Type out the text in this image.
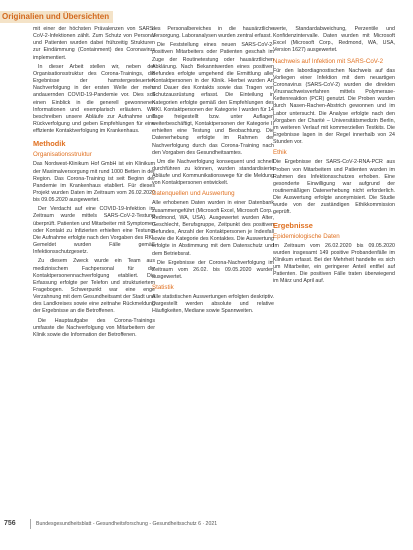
Originalien und Übersichten

mit einer der höchsten Prävalenzen von SARS-CoV-2-Infektionen zählt. Zum Schutz von Personal und Patienten wurden dabei frühzeitig Strukturen zur Eindämmung (Containment) des Coronavirus implementiert.

In dieser Arbeit stellen wir, neben der Organisationsstruktur des Corona-Trainings, die Ergebnisse der hamstergesteuerten Nachverfolgung in der ersten Welle der mehr andauernden COVID-19-Pandemie vor. Dies soll einen Einblick in die generell gewonnenen Informationen und exemplarisch erläutern. Wir beschreiben unsere Abläufe zur Aufnahme und Rückverfolgung und geben Empfehlungen für eine effiziente Kontaktverfolgung im Krankenhaus.

Methodik
Organisationsstruktur

Das Nordwest-Klinikum Hof GmbH ist ein Klinikum der Maximalversorgung mit rund 1000 Betten in der Region. Das Corona-Training ist seit Beginn der Pandemie im Krankenhaus etabliert. Für dieses Projekt wurden Daten im Zeitraum vom 26.02.2020 bis 09.05.2020 ausgewertet.

Der Verdacht auf eine COVID-19-Infektion im Zeitraum wurde mittels SARS-CoV-2-Testung überprüft. Patienten und Mitarbeiter mit Symptomen oder Kontakt zu Infizierten erhielten eine Testung. Die Aufnahme erfolgte nach den Vorgaben des RKI. Gemeldet wurden Fälle gemäß Infektionsschutzgesetz.

Zu diesem Zweck wurde ein Team aus medizinischem Fachpersonal für die Kontaktpersonennachverfolgung etabliert. Die Erfassung erfolgte per Telefon und strukturiertem Fragebogen. Schwerpunkt war eine enge Verzahnung mit dem Gesundheitsamt der Stadt und des Landkreises sowie eine zeitnahe Rückmeldung der Ergebnisse an die Betroffenen.

Die Hauptaufgabe des Corona-Trainings umfasste die Nachverfolgung von Mitarbeitern der Klinik sowie die Information der Betroffenen.

des Personalbereiches in die hausärztliche Versorgung. Laboranalysen wurden zentral erfasst.

Die Feststellung eines neuen SARS-CoV-2-positiven Mitarbeiters oder Patienten geschah im Zuge der Routinetestung oder hausärztlichen Abklärung. Nach Bekanntwerden eines positiven Befundes erfolgte umgehend die Ermittlung aller Kontaktpersonen in der Klinik. Hierbei wurden Art und Dauer des Kontakts sowie das Tragen von Schutzausrüstung erfasst. Die Einteilung in Kategorien erfolgte gemäß den Empfehlungen des RKI. Kontaktpersonen der Kategorie I wurden für 14 Tage freigestellt bzw. unter Auflagen weiterbeschäftigt, Kontaktpersonen der Kategorie II erhielten eine Testung und Beobachtung. Die Datenerhebung erfolgte im Rahmen der Nachverfolgung durch das Corona-Training nach den Vorgaben des Gesundheitsamtes.

Um die Nachverfolgung konsequent und schnell durchführen zu können, wurden standardisierte Abläufe und Kommunikationswege für die Meldung von Kontaktpersonen entwickelt.

Datenquellen und Auswertung

Alle erhobenen Daten wurden in einer Datenbank zusammengeführt (Microsoft Excel, Microsoft Corp., Redmond, WA, USA). Ausgewertet wurden Alter, Geschlecht, Berufsgruppe, Zeitpunkt des positiven Befundes, Anzahl der Kontaktpersonen je Indexfall sowie die Kategorie des Kontaktes. Die Auswertung erfolgte in Abstimmung mit dem Datenschutz und dem Betriebsrat.

Die Ergebnisse der Corona-Nachverfolgung im Zeitraum vom 26.02. bis 09.05.2020 wurden ausgewertet.

Statistik

Alle statistischen Auswertungen erfolgten deskriptiv. Dargestellt werden absolute und relative Häufigkeiten, Mediane sowie Spannweiten.

werte, Standardabweichung, Perzentile und Konfidenzintervalle. Daten wurden mit Microsoft Excel (Microsoft Corp., Redmond, WA, USA, Version 1627) ausgewertet.

Nachweis auf Infektion mit SARS-CoV-2

Für den labordiagnostischen Nachweis auf das Vorliegen einer Infektion mit dem neuartigen Coronavirus (SARS-CoV-2) wurden die direkten Virusnachweisverfahren mittels Polymerase-Kettenreaktion (PCR) genutzt. Die Proben wurden durch Nasen-Rachen-Abstrich gewonnen und im Labor untersucht. Die Analyse erfolgte nach den Vorgaben der Charité – Universitätsmedizin Berlin, im weiteren Verlauf mit kommerziellen Testkits. Die Ergebnisse lagen in der Regel innerhalb von 24 Stunden vor.

Ethik

Die Ergebnisse der SARS-CoV-2-RNA-PCR aus Proben von Mitarbeitern und Patienten wurden im Rahmen des Infektionsschutzes erhoben. Eine gesonderte Einwilligung war aufgrund der routinemäßigen Datenerhebung nicht erforderlich. Die Auswertung erfolgte anonymisiert. Die Studie wurde von der zuständigen Ethikkommission geprüft.

Ergebnisse
Epidemiologische Daten

Im Zeitraum vom 26.02.2020 bis 09.05.2020 wurden insgesamt 149 positive Probandenfälle im Klinikum erfasst. Bei der Mehrheit handelte es sich um Mitarbeiter, ein geringerer Anteil entfiel auf Patienten. Die positiven Fälle traten überwiegend im März und April auf.

756	Bundesgesundheitsblatt - Gesundheitsforschung - Gesundheitsschutz 6 · 2021
